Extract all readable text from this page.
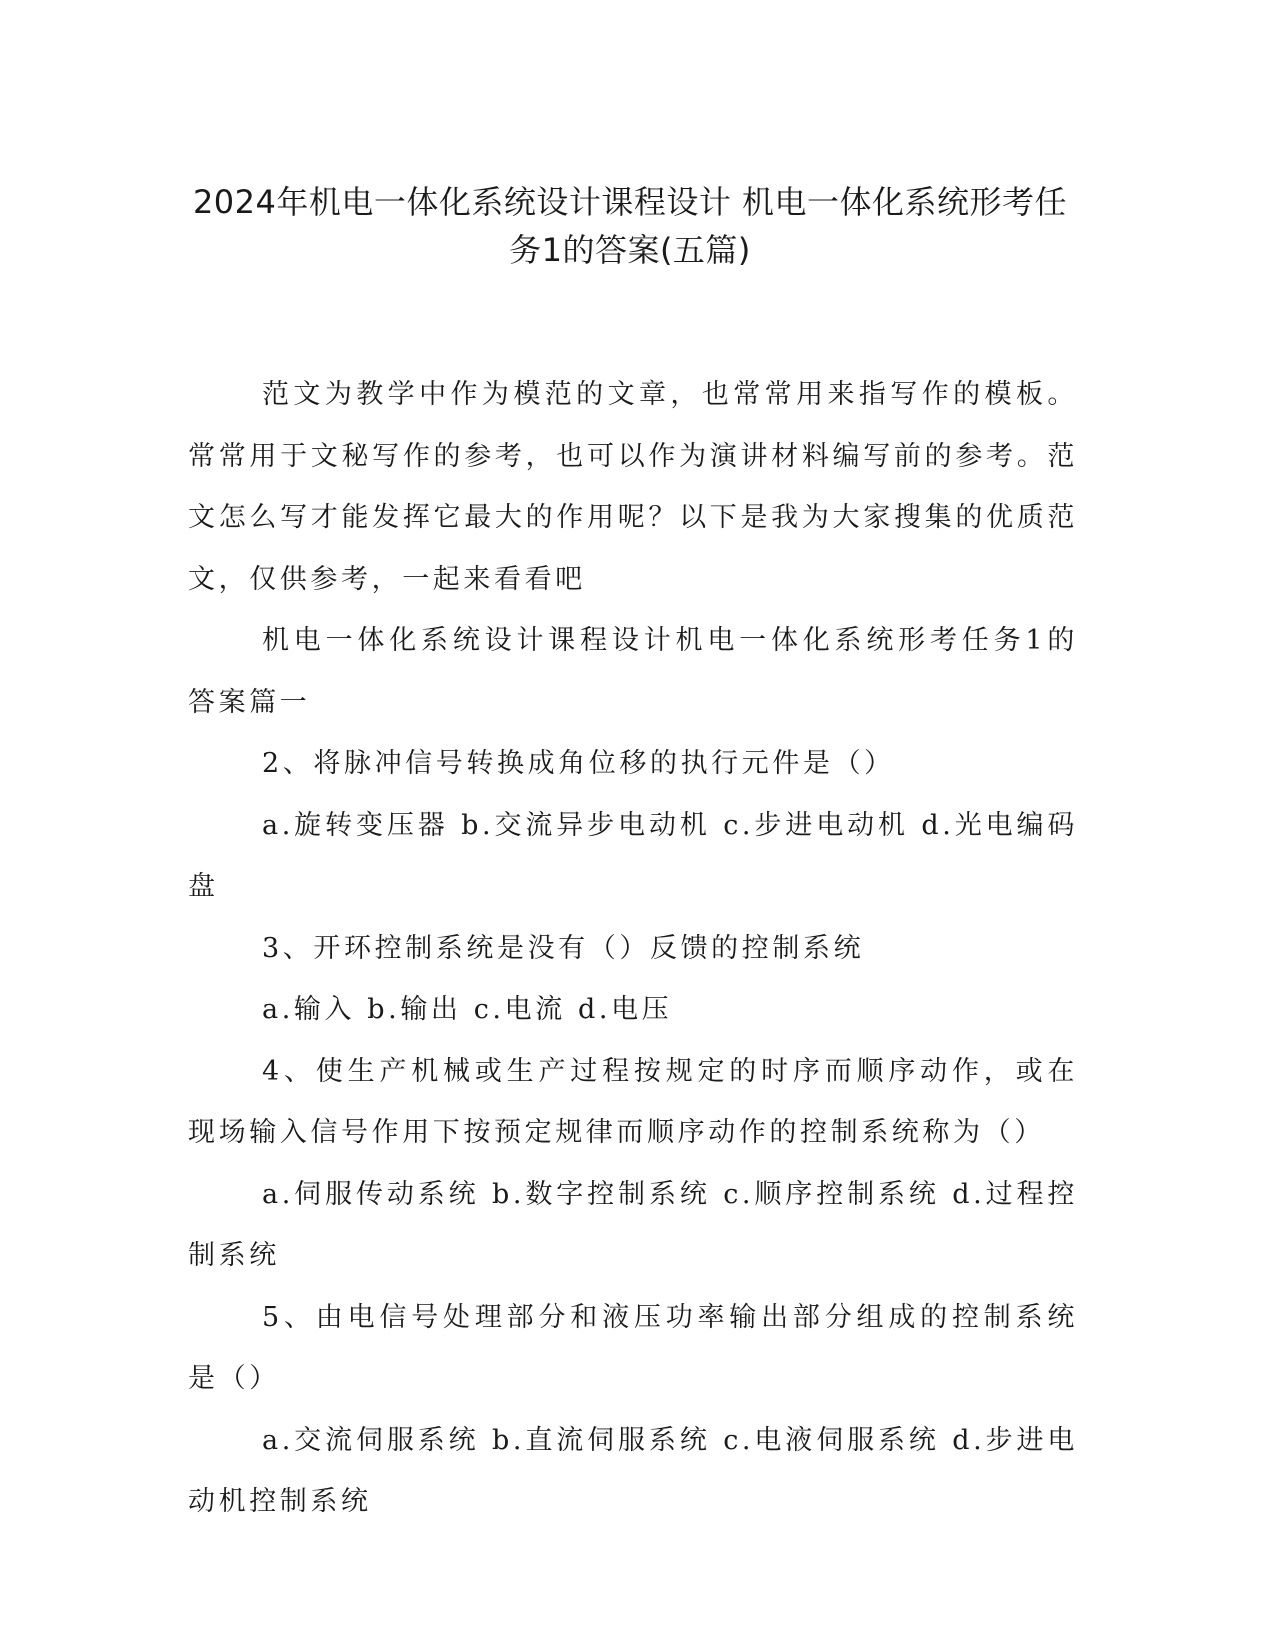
2024年机电一体化系统设计课程设计 机电一体化系统形考任务1的答案(五篇)

范文为教学中作为模范的文章，也常常用来指写作的模板。常常用于文秘写作的参考，也可以作为演讲材料编写前的参考。范文怎么写才能发挥它最大的作用呢？以下是我为大家搜集的优质范文，仅供参考，一起来看看吧

机电一体化系统设计课程设计机电一体化系统形考任务1的答案篇一

2、将脉冲信号转换成角位移的执行元件是（）

a.旋转变压器 b.交流异步电动机 c.步进电动机 d.光电编码盘

3、开环控制系统是没有（）反馈的控制系统

a.输入 b.输出 c.电流 d.电压

4、使生产机械或生产过程按规定的时序而顺序动作，或在现场输入信号作用下按预定规律而顺序动作的控制系统称为（）

a.伺服传动系统 b.数字控制系统 c.顺序控制系统 d.过程控制系统

5、由电信号处理部分和液压功率输出部分组成的控制系统是（）

a.交流伺服系统 b.直流伺服系统 c.电液伺服系统 d.步进电动机控制系统
